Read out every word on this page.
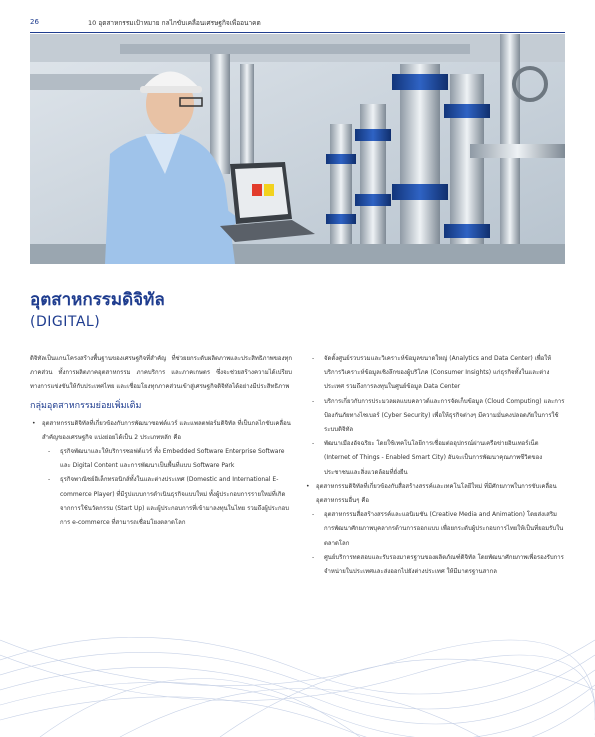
26	10 อุตสาหกรรมเป้าหมาย กลไกขับเคลื่อนเศรษฐกิจเพื่ออนาคต
อุตสาหกรรมดิจิทัล
(DIGITAL)

ดิจิทัลเป็นแกนโครงสร้างพื้นฐานของเศรษฐกิจที่สำคัญ ที่ช่วยยกระดับผลิตภาพและประสิทธิภาพของทุกภาคส่วน ทั้งการผลิตภาคอุตสาหกรรม ภาคบริการ และภาคเกษตร ซึ่งจะช่วยสร้างความได้เปรียบทางการแข่งขันให้กับประเทศไทย และเชื่อมโยงทุกภาคส่วนเข้าสู่เศรษฐกิจดิจิทัลได้อย่างมีประสิทธิภาพ

กลุ่มอุตสาหกรรมย่อยเพิ่มเติม
• อุตสาหกรรมดิจิทัลที่เกี่ยวข้องกับการพัฒนาซอฟต์แวร์ และแพลตฟอร์มดิจิทัล ที่เป็นกลไกขับเคลื่อนสำคัญของเศรษฐกิจ แบ่งย่อยได้เป็น 2 ประเภทหลัก คือ
- ธุรกิจพัฒนาและให้บริการซอฟต์แวร์ ทั้ง Embedded Software Enterprise Software และ Digital Content และการพัฒนาเป็นพื้นที่แบบ Software Park
- ธุรกิจพาณิชย์อิเล็กทรอนิกส์ทั้งในและต่างประเทศ (Domestic and International E-commerce Player) ที่มีรูปแบบการดำเนินธุรกิจแบบใหม่ ทั้งผู้ประกอบการรายใหม่ที่เกิดจากการใช้นวัตกรรม (Start Up) และผู้ประกอบการที่เข้ามาลงทุนในไทย รวมถึงผู้ประกอบการ e-commerce ที่สามารถเชื่อมโยงตลาดโลก
- จัดตั้งศูนย์รวบรวมและวิเคราะห์ข้อมูลขนาดใหญ่ (Analytics and Data Center) เพื่อให้บริการวิเคราะห์ข้อมูลเชิงลึกของผู้บริโภค (Consumer Insights) แก่ธุรกิจทั้งในและต่างประเทศ รวมถึงการลงทุนในศูนย์ข้อมูล Data Center
- บริการเกี่ยวกับการประมวลผลแบบคลาวด์และการจัดเก็บข้อมูล (Cloud Computing) และการป้องกันภัยทางไซเบอร์ (Cyber Security) เพื่อให้ธุรกิจต่างๆ มีความมั่นคงปลอดภัยในการใช้ระบบดิจิทัล
- พัฒนาเมืองอัจฉริยะ โดยใช้เทคโนโลยีการเชื่อมต่ออุปกรณ์ผ่านเครือข่ายอินเทอร์เน็ต (Internet of Things - Enabled Smart City) อันจะเป็นการพัฒนาคุณภาพชีวิตของประชาชนและสิ่งแวดล้อมที่ยั่งยืน
• อุตสาหกรรมดิจิทัลที่เกี่ยวข้องกับสื่อสร้างสรรค์และเทคโนโลยีใหม่ ที่มีศักยภาพในการขับเคลื่อนอุตสาหกรรมอื่นๆ คือ
- อุตสาหกรรมสื่อสร้างสรรค์และแอนิเมชัน (Creative Media and Animation) โดยส่งเสริมการพัฒนาศักยภาพบุคลากรด้านการออกแบบ เพื่อยกระดับผู้ประกอบการไทยให้เป็นที่ยอมรับในตลาดโลก
- ศูนย์บริการทดสอบและรับรองมาตรฐานของผลิตภัณฑ์ดิจิทัล โดยพัฒนาศักยภาพเพื่อรองรับการจำหน่ายในประเทศและส่งออกไปยังต่างประเทศ ให้มีมาตรฐานสากล
